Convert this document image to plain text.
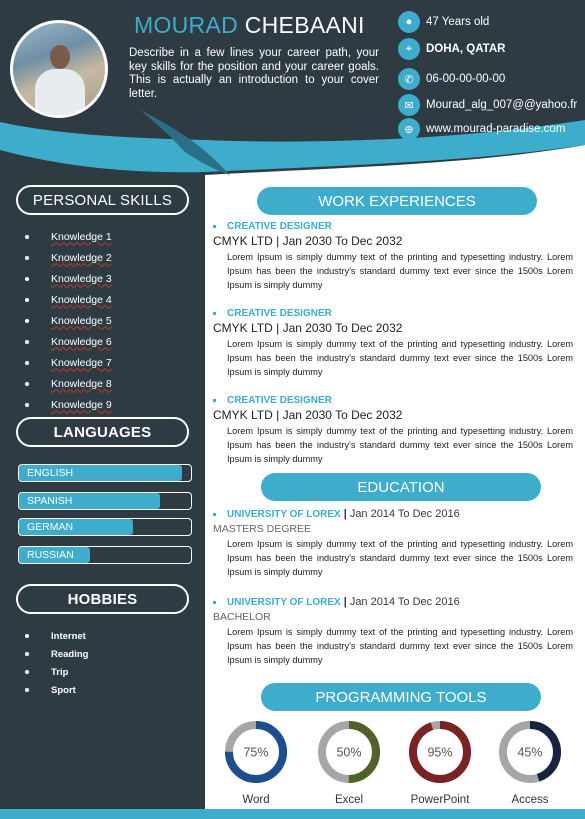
MOURAD CHEBAANI

Describe in a few lines your career path, your key skills for the position and your career goals. This is actually an introduction to your cover letter.

●	47 Years old
⌖	DOHA, QATAR
✆	06-00-00-00-00
✉	Mourad_alg_007@@yahoo.fr
⊕	www.mourad-paradise.com
PERSONAL SKILLS
Knowledge 1
Knowledge 2
Knowledge 3
Knowledge 4
Knowledge 5
Knowledge 6
Knowledge 7
Knowledge 8
Knowledge 9
LANGUAGES
ENGLISH
SPANISH
GERMAN
RUSSIAN
HOBBIES
Internet
Reading
Trip
Sport
WORK EXPERIENCES
CREATIVE DESIGNER
CMYK LTD | Jan 2030 To Dec 2032

Lorem Ipsum is simply dummy text of the printing and typesetting industry. Lorem Ipsum has been the industry's standard dummy text ever since the 1500s Lorem Ipsum is simply dummy

CREATIVE DESIGNER
CMYK LTD | Jan 2030 To Dec 2032

Lorem Ipsum is simply dummy text of the printing and typesetting industry. Lorem Ipsum has been the industry's standard dummy text ever since the 1500s Lorem Ipsum is simply dummy

CREATIVE DESIGNER
CMYK LTD | Jan 2030 To Dec 2032

Lorem Ipsum is simply dummy text of the printing and typesetting industry. Lorem Ipsum has been the industry's standard dummy text ever since the 1500s Lorem Ipsum is simply dummy

EDUCATION
UNIVERSITY OF LOREX | Jan 2014 To Dec 2016
MASTERS DEGREE

Lorem Ipsum is simply dummy text of the printing and typesetting industry. Lorem Ipsum has been the industry's standard dummy text ever since the 1500s Lorem Ipsum is simply dummy

UNIVERSITY OF LOREX | Jan 2014 To Dec 2016
BACHELOR

Lorem Ipsum is simply dummy text of the printing and typesetting industry. Lorem Ipsum has been the industry's standard dummy text ever since the 1500s Lorem Ipsum is simply dummy

PROGRAMMING TOOLS
75%
Word
50%
Excel
95%
PowerPoint
45%
Access
